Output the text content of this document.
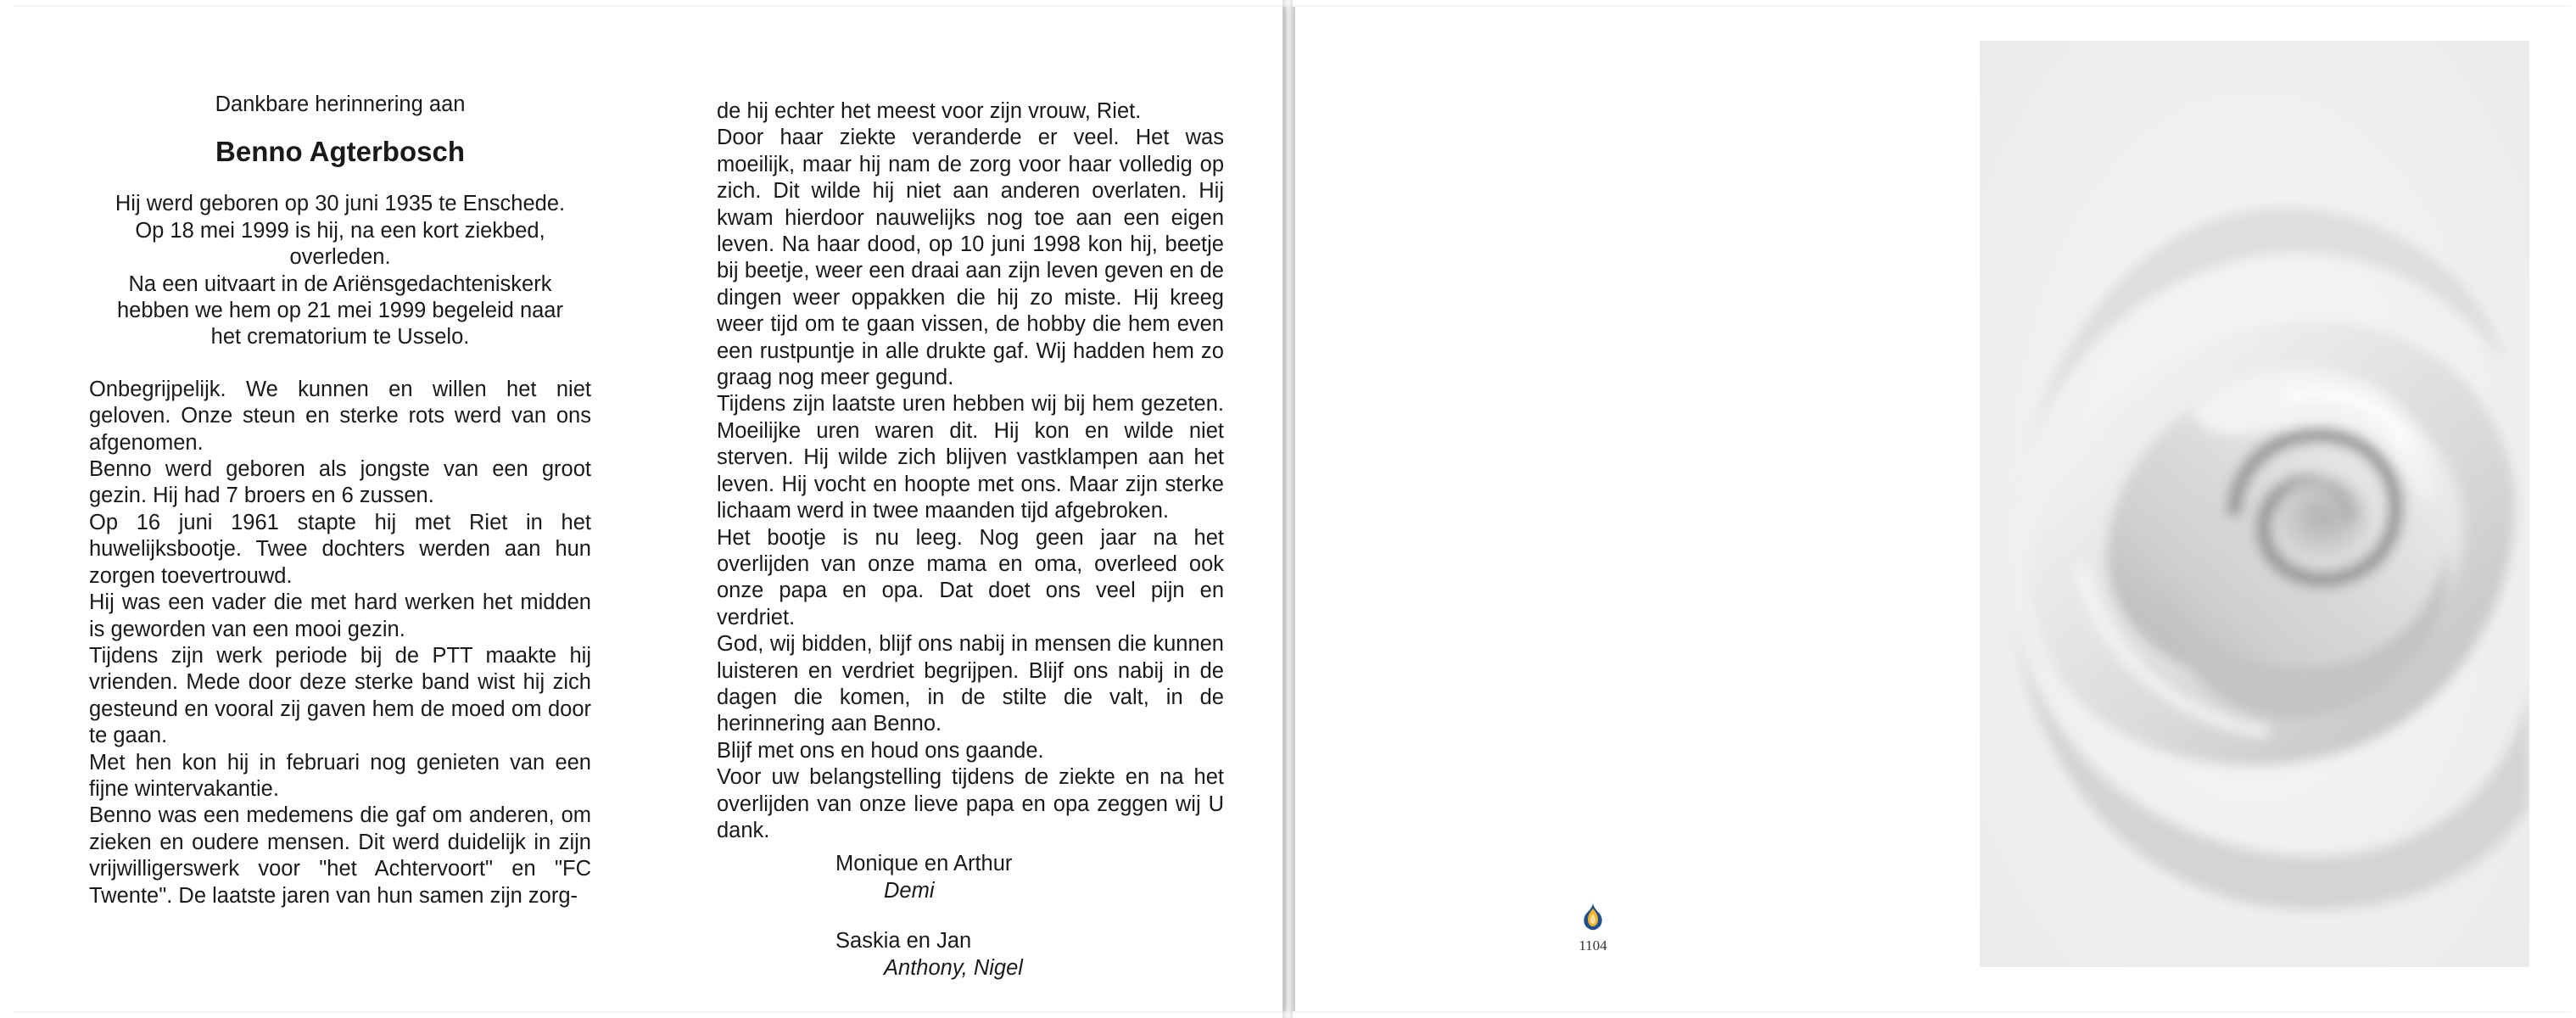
Dankbare herinnering aan

Benno Agterbosch

Hij werd geboren op 30 juni 1935 te Enschede.
Op 18 mei 1999 is hij, na een kort ziekbed,
overleden.
Na een uitvaart in de Ariënsgedachteniskerk
hebben we hem op 21 mei 1999 begeleid naar
het crematorium te Usselo.

Onbegrijpelijk. We kunnen en willen het niet geloven. Onze steun en sterke rots werd van ons afgenomen.

Benno werd geboren als jongste van een groot gezin. Hij had 7 broers en 6 zussen.

Op 16 juni 1961 stapte hij met Riet in het huwelijksbootje. Twee dochters werden aan hun zorgen toevertrouwd.

Hij was een vader die met hard werken het midden is geworden van een mooi gezin.

Tijdens zijn werk periode bij de PTT maakte hij vrienden. Mede door deze sterke band wist hij zich gesteund en vooral zij gaven hem de moed om door te gaan.

Met hen kon hij in februari nog genieten van een fijne wintervakantie.

Benno was een medemens die gaf om anderen, om zieken en oudere mensen. Dit werd duidelijk in zijn vrijwilligerswerk voor "het Achtervoort" en "FC Twente". De laatste jaren van hun samen zijn zorg-

de hij echter het meest voor zijn vrouw, Riet.

Door haar ziekte veranderde er veel. Het was moeilijk, maar hij nam de zorg voor haar volledig op zich. Dit wilde hij niet aan anderen overlaten. Hij kwam hierdoor nauwelijks nog toe aan een eigen leven. Na haar dood, op 10 juni 1998 kon hij, beetje bij beetje, weer een draai aan zijn leven geven en de dingen weer oppakken die hij zo miste. Hij kreeg weer tijd om te gaan vissen, de hobby die hem even een rustpuntje in alle drukte gaf. Wij hadden hem zo graag nog meer gegund.

Tijdens zijn laatste uren hebben wij bij hem gezeten. Moeilijke uren waren dit. Hij kon en wilde niet sterven. Hij wilde zich blijven vastklampen aan het leven. Hij vocht en hoopte met ons. Maar zijn sterke lichaam werd in twee maanden tijd afgebroken.

Het bootje is nu leeg. Nog geen jaar na het overlijden van onze mama en oma, overleed ook onze papa en opa. Dat doet ons veel pijn en verdriet.

God, wij bidden, blijf ons nabij in mensen die kunnen luisteren en verdriet begrijpen. Blijf ons nabij in de dagen die komen, in de stilte die valt, in de herinnering aan Benno.

Blijf met ons en houd ons gaande.

Voor uw belangstelling tijdens de ziekte en na het overlijden van onze lieve papa en opa zeggen wij U dank.

Monique en Arthur

Demi

Saskia en Jan

Anthony, Nigel

1104
